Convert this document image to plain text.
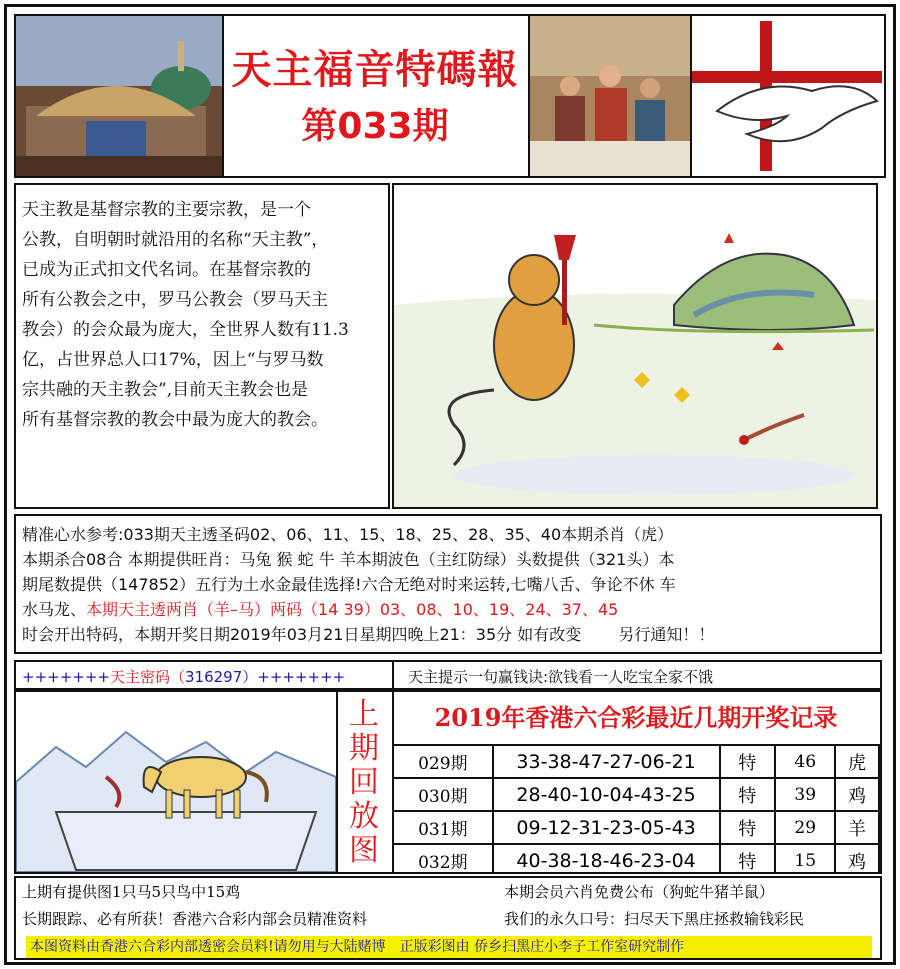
天主福音特碼報
第033期
天主教是基督宗教的主要宗教，是一个
公教，自明朝时就沿用的名称“天主教”，
已成为正式扣文代名词。在基督宗教的
所有公教会之中，罗马公教会（罗马天主
教会）的会众最为庞大，全世界人数有11.3
亿，占世界总人口17%，因上“与罗马数
宗共融的天主教会”,目前天主教会也是
所有基督宗教的教会中最为庞大的教会。
精准心水参考:033期天主透圣码02、06、11、15、18、25、28、35、40本期杀肖（虎）
本期杀合08合 本期提供旺肖：马兔 猴 蛇 牛 羊本期波色（主红防绿）头数提供（321头）本
期尾数提供（147852）五行为土水金最佳选择!六合无绝对时来运转,七嘴八舌、争论不休 车
水马龙、本期天主透两肖（羊–马）两码（14 39）03、08、10、19、24、37、45
时会开出特码，本期开奖日期2019年03月21日星期四晚上21：35分 如有改变　　 另行通知！！
+++++++天主密码（316297）+++++++	天主提示一句赢钱诀:欲钱看一人吃宝全家不饿
上
期
回
放
图
2019年香港六合彩最近几期开奖记录
029期	33-38-47-27-06-21	特	46	虎
030期	28-40-10-04-43-25	特	39	鸡
031期	09-12-31-23-05-43	特	29	羊
032期	40-38-18-46-23-04	特	15	鸡
上期有提供图1只马5只鸟中15鸡	本期会员六肖免费公布（狗蛇牛猪羊鼠）
长期跟踪、必有所获！香港六合彩内部会员精准资料	我们的永久口号：扫尽天下黑庄拯救输钱彩民
本图资料由香港六合彩内部透密会员料!请勿用与大陆赌博　正版彩图由 侨乡扫黑庄小李子工作室研究制作
